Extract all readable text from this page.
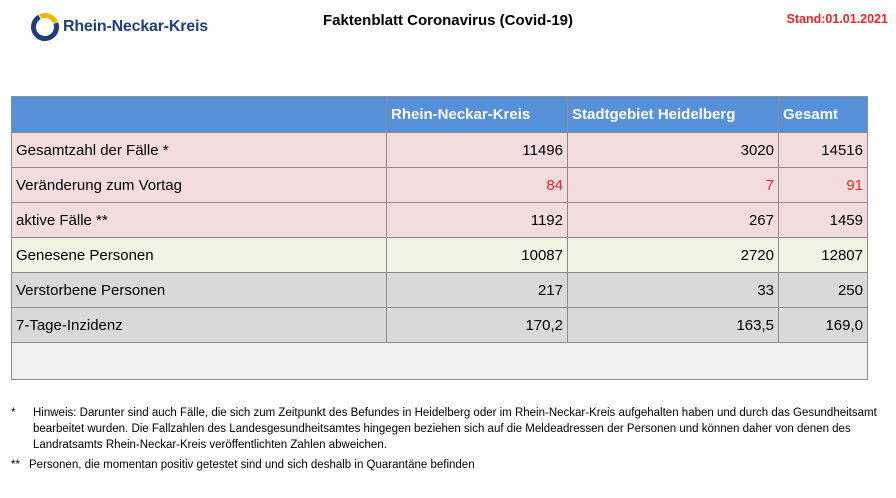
Rhein-Neckar-Kreis	Faktenblatt Coronavirus (Covid-19)	Stand:01.01.2021
	Rhein-Neckar-Kreis	Stadtgebiet Heidelberg	Gesamt
Gesamtzahl der Fälle *	11496	3020	14516
Veränderung zum Vortag	84	7	91
aktive Fälle **	1192	267	1459
Genesene Personen	10087	2720	12807
Verstorbene Personen	217	33	250
7-Tage-Inzidenz	170,2	163,5	169,0

*	Hinweis: Darunter sind auch Fälle, die sich zum Zeitpunkt des Befundes in Heidelberg oder im Rhein-Neckar-Kreis aufgehalten haben und durch das Gesundheitsamt bearbeitet wurden. Die Fallzahlen des Landesgesundheitsamtes hingegen beziehen sich auf die Meldeadressen der Personen und können daher von denen des Landratsamts Rhein-Neckar-Kreis veröffentlichten Zahlen abweichen.
** Personen, die momentan positiv getestet sind und sich deshalb in Quarantäne befinden
